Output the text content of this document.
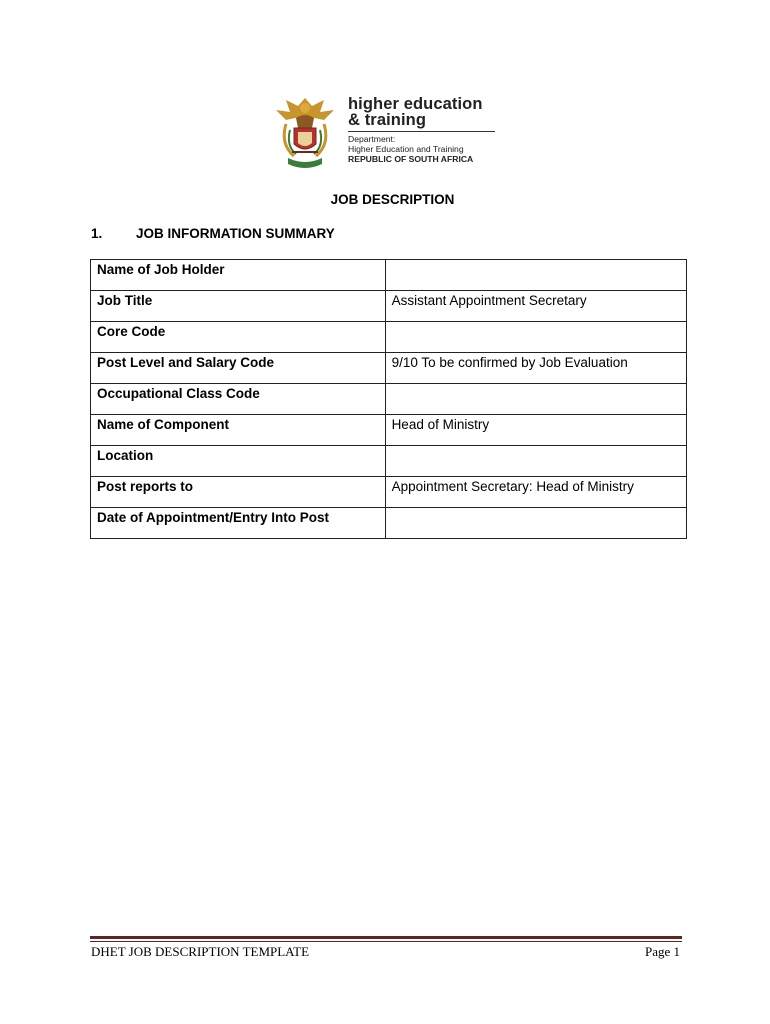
higher education
& training
Department:
Higher Education and Training
REPUBLIC OF SOUTH AFRICA
JOB DESCRIPTION
1. JOB INFORMATION SUMMARY
Name of Job Holder	
Job Title	Assistant Appointment Secretary
Core Code	
Post Level and Salary Code	9/10 To be confirmed by Job Evaluation
Occupational Class Code	
Name of Component	Head of Ministry
Location	
Post reports to	Appointment Secretary: Head of Ministry
Date of Appointment/Entry Into Post	
DHET JOB DESCRIPTION TEMPLATE	Page 1
